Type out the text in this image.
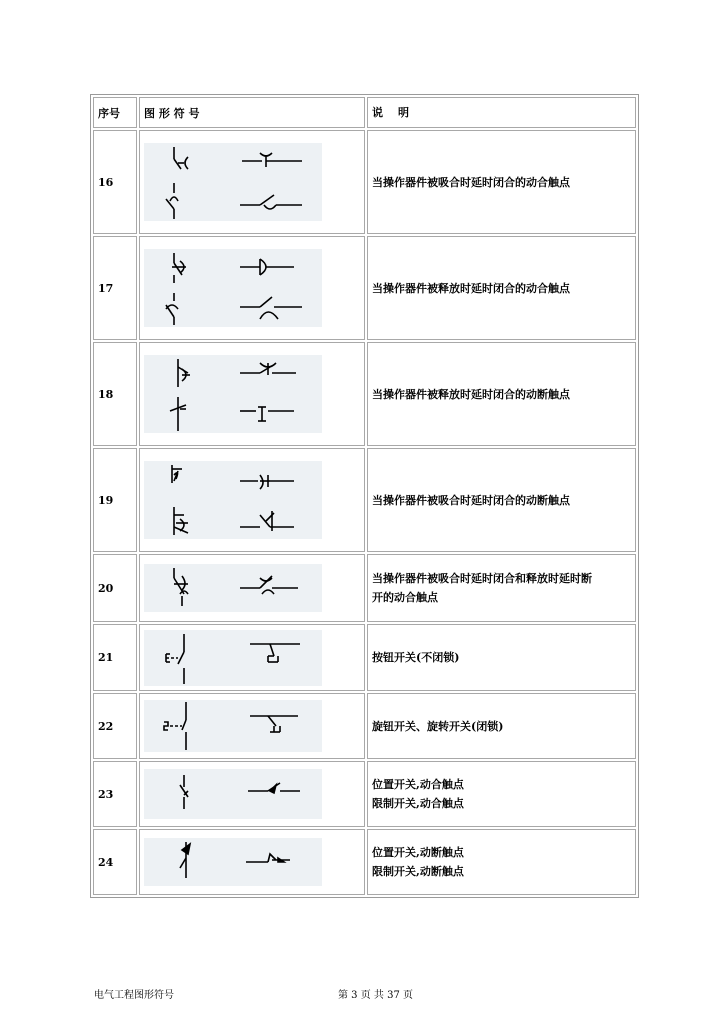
序号	图 形 符 号	说　明
16		当操作器件被吸合时延时闭合的动合触点

17		当操作器件被释放时延时闭合的动合触点

18		当操作器件被释放时延时闭合的动断触点

19		当操作器件被吸合时延时闭合的动断触点

20		当操作器件被吸合时延时闭合和释放时延时断
开的动合触点

21		按钮开关(不闭锁)

22		旋钮开关、旋转开关(闭锁)

23		位置开关,动合触点
限制开关,动合触点

24		位置开关,动断触点
限制开关,动断触点
电气工程图形符号	第 3 页 共 37 页
